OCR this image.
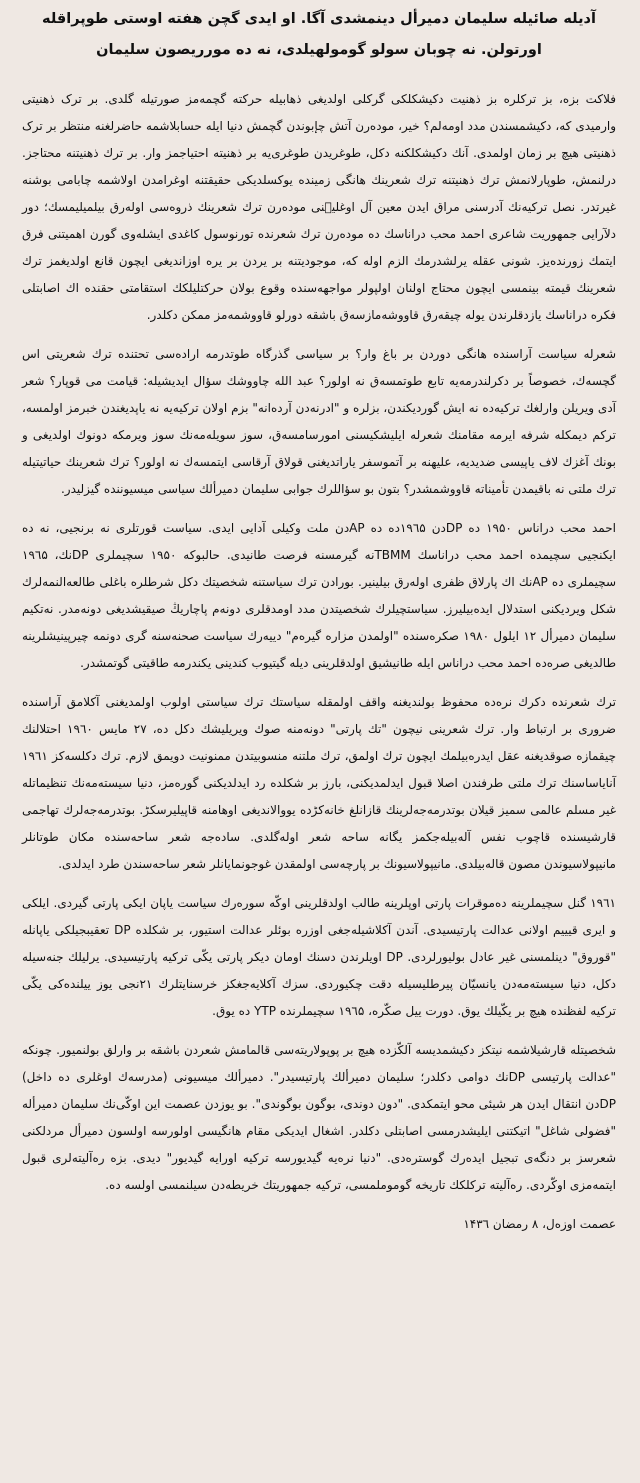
آدیله صائیله سلیمان دمیرأل دینمشدی آگا. او ایدی گچن هفته اوستی طوپراقله اورتولن. نه چوبان سولو گومولهیلدی، نه ده مورریصون سلیمان

فلاکت بزه، بز ترکلره بز ذهنیت دکیشکلکی گرکلی اولدیغی ذهابیله حرکته گچمەمز صورتیله گلدی. بر ترک ذهنیتی وارمیدی که، دکیشمسندن مدد اومەلم؟ خیر، مودەرن آتش چإبوندن گچمش دنیا ایله حسابلاشمه حاضرلغنه منتظر بر ترک ذهنیتی هیچ بر زمان اولمدی. آنك دکیشکلکنه دکل، طوغریدن طوغری‌یه بر ذهنیته احتیاجمز وار. بر ترك ذهنیتنه محتاجز. درلنمش، طوپارلانمش ترك ذهنیتنه ترك شعرینك هانگی زمینده یوکسلدیکی حقیقتنه اوغرامدن اولاشمه چابامی بوشنه غیرتدر. نصل ترکیه‌نك آدرسنی مراق ایدن معین آل اوغلیٖنی مودەرن ترك شعرینك ذروەسی اولەرق بیلمیلیمسك؛ دور دلآرایی جمهوریت شاعری احمد محب دراناسك ده مودەرن ترك شعرنده تورنوسول کاغدی ایشلەوی گورن اهمیتنی فرق ایتمك زورندەیز. شونی عقله یرلشدرمك الزم اوله که، موجودیتنه بر یردن بر یره اوزاندیغی ایچون قانع اولدیغمز ترك شعرینك قیمته بینمسی ایچون محتاج اولنان اولپولر مواجهەسنده وقوع بولان حرکتلیلکك استقامتی حقنده اك اصابتلی فکره دراناسك یازدقلرندن یوله چیقەرق قاووشەمازسەق باشقه دورلو قاووشمەمز ممکن دکلدر.

شعرله سیاست آراسنده هانگی دوردن بر باغ وار؟ بر سیاسی گذرگاه طوتدرمه ارادەسی تحتنده ترك شعریتی اس گچسەك، خصوصاً بر دکرلندرمەیه تابع طوتمسەق نه اولور؟ عبد الله چاووشك سؤال ایدیشیله: قیامت می قوپار؟ شعر آدی ویریلن وارلغك ترکیەده نه ایش گوردیکندن، بزلره و "ادرنەدن آردەانه" بزم اولان ترکیەیه نه یاپدیغندن خبرمز اولمسه، ترکم دیمکله شرفه ایرمه مقامنك شعرله ایلیشکیسنی امورسامسەق، سوز سویلەمەنك سوز ویرمکه دونوك اولدیغی و بونك آغزك لاف یاپیسی ضدیدیه، علیهنه بر آتموسفر یاراتدیغنی قولاق آرقاسی ایتمسەك نه اولور؟ ترك شعرینك حیاتیتیله ترك ملتی نه باقیمدن تأمیناته قاووشمشدر؟ بتون بو سؤاللرك جوابی سلیمان دمیرألك سیاسی میسیوننده گیزلیدر.

احمد محب دراناس ۱۹۵۰ ده DPدن ۱۹٦۵ده ده APدن ملت وکیلی آدایی ایدی. سیاست قورتلری نه برنجیی، نه ده ایکنجیی سچیمده احمد محب دراناسك TBMMنه گیرمسنه فرصت طانیدی. حالبوکه ۱۹۵۰ سچیملری DPنك، ۱۹٦۵ سچیملری ده APنك اك پارلاق ظفری اولەرق بیلینیر. بورادن ترك سیاستنه شخصیتك دکل شرطلره باغلی طالعەالنمەلرك شکل ویردیکنی استدلال ایدەبیلیرز. سیاستچیلرك شخصیتدن مدد اومدقلری دونەم پاچاریڭ صیقیشدیغی دونەمدر. نەتکیم سلیمان دمیرأل ۱۲ ایلول ۱۹۸۰ صکرەسنده "اولمدن مزاره گیرەم" دییەرك سیاست صحنەسنه گری دونمه چیرپینیشلرینه طالدیغی صرەده احمد محب دراناس ایله طانیشیق اولدقلرینی دیله گیتیوب کندینی یکندرمه طاقیتی گوتمشدر.

ترك شعرنده دکرك نرەده محفوظ بولندیغنه واقف اولمقله سیاستك ترك سیاستی اولوب اولمدیغنی آکلامق آراسنده ضروری بر ارتباط وار. ترك شعرینی نیچون "تك پارتی" دونەمنه صوك ویریلیشك دکل ده، ۲۷ مایس ۱۹٦۰ احتلالنك چیقمازه صوقدیغنه عقل ایدرەبیلمك ایچون ترك اولمق، ترك ملتنه منسوبیتدن ممنونیت دویمق لازم. ترك دکلسەکز ۱۹٦۱ آناياساسنك ترك ملتی طرفندن اصلا قبول ایدلمدیکنی، بارز بر شکلده رد ایدلدیکنی گورەمز، دنیا سیستەمەنك تنظیماتله غیر مسلم عالمی سمیز قیلان بوتدرمەجەلرینك قازانلغ خانەکڑده یووالاندیغی اوهامنه قاپیلیرسکڑ. بوتدرمەجەلرك تهاجمی قارشیسنده قاچوب نفس آلەبیلەجکمز یگانه ساحه شعر اولەگلدی. سادەجه شعر ساحەسنده مکان طوتانلر مانیپولاسیوندن مصون قالەبیلدی. مانیپولاسیونك بر پارچەسی اولمقدن غوجونمایانلر شعر ساحەسندن طرد ایدلدی.

۱۹٦۱ گنل سچیملرینه دەموقرات پارتی اوپلرینه طالب اولدقلرینی اوکّه سورەرك سیاست یاپان ایکی پارتی گیردی. ایلکی و ایری قیییم اولانی عدالت پارتیسیدی. آندن آکلاشیلەجغی اوزره بوئلر عدالت استیور، بر شکلده DP تعقیبجیلکی یاپانله "قوروق" دینلمسنی غیر عادل بولیورلردی. DP اویلرندن دسنك اومان دیکر پارتی یکّی ترکیه پارتیسیدی. یرلیلك جنەسیله دکل، دنیا سیستەمەدن یانسیّان پیرطلیسیله دقت چکیوردی. سزك آکلایەجغکز خرسنایتلرك ۲۱نجی یوز ییلندەکی یکّی ترکیه لفظنده هیچ بر یکّیلك یوق. دورت ییل صکّره، ۱۹٦۵ سچیملرنده YTP ده یوق.

شخصیتله قارشیلاشمه نیتکز دکیشمدیسه آلکّزده هیچ بر پوپولاریتەسی قالمامش شعردن باشقه بر وارلق بولنمیور. چونکه "عدالت پارتیسی DPنك دوامی دکلدر؛ سلیمان دمیرألك پارتیسیدر". دمیرألك میسیونی (مدرسەك اوغلری ده داخل) DPدن انتقال ایدن هر شیئی محو ایتمکدی. "دون دوندی، بوگون بوگوندی". بو یوزدن عصمت این اوکّی‌نك سلیمان دمیرأله "فضولی شاغل" اتیکتنی ایلیشدرمسی اصابتلی دکلدر. اشغال ایدیکی مقام هانگیسی اولورسه اولسون دمیرأل مردلکنی شعرسز بر دنگە‌ی تبجیل ایدەرك گوسترەدی. "دنیا نرەیه گیدیورسه ترکیه اورایه گیدیور" دیدی. بزه رەآلیتەلری قبول ایتمەمزی اوكّردی. رەآلیته ترکلکك تاریخه گوموملمسی، ترکیه جمهوریتك خریطەدن سیلنمسی اولسه ده.

عصمت اوزەل، ۸ رمضان ۱۴۳٦
